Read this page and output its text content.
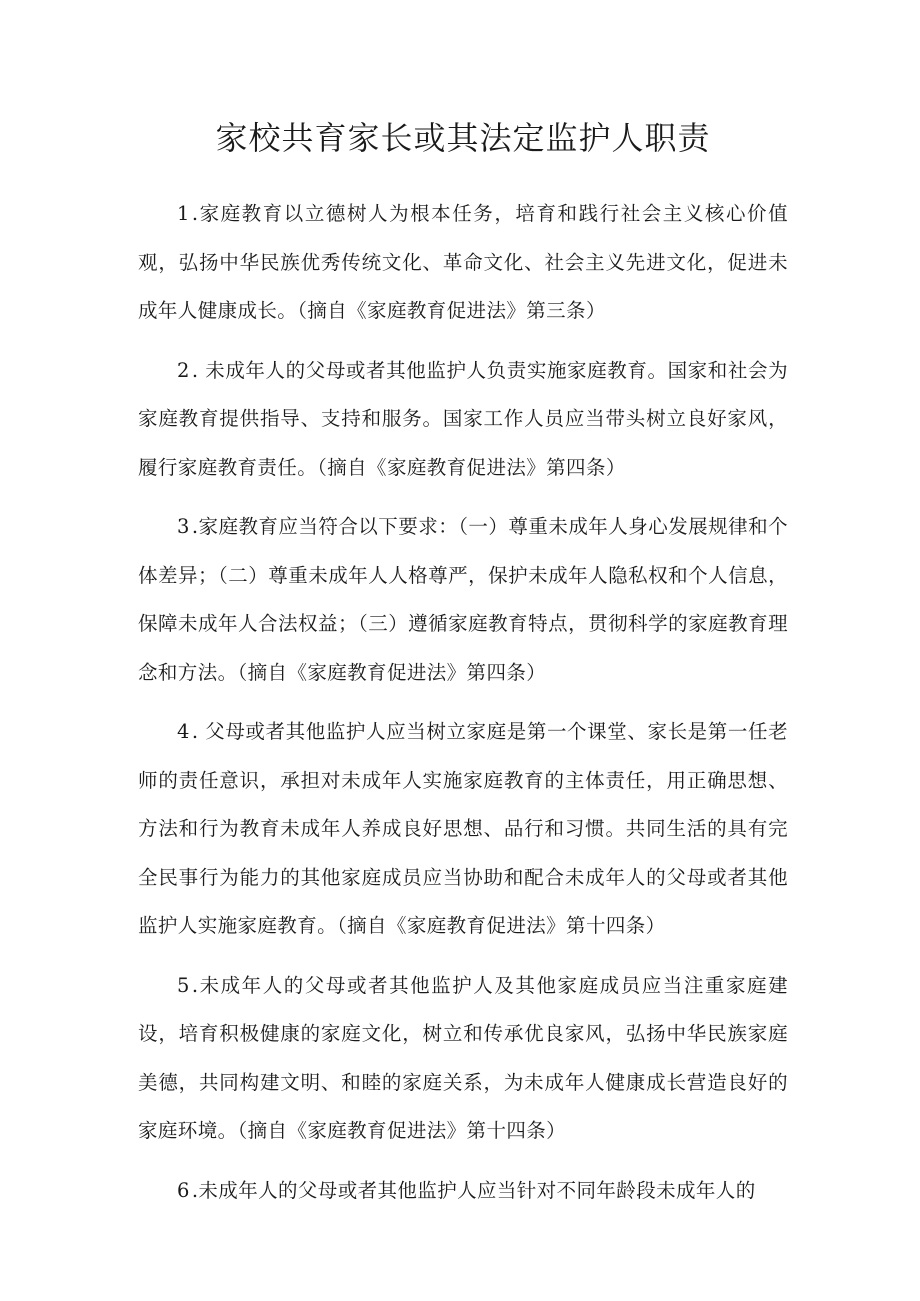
家校共育家长或其法定监护人职责

1 .家庭教育以立德树人为根本任务，培育和践行社会主义核心价值观，弘扬中华民族优秀传统文化、革命文化、社会主义先进文化，促进未成年人健康成长。（摘自《家庭教育促进法》第三条）

2 . 未成年人的父母或者其他监护人负责实施家庭教育。国家和社会为家庭教育提供指导、支持和服务。国家工作人员应当带头树立良好家风，履行家庭教育责任。（摘自《家庭教育促进法》第四条）

3 .家庭教育应当符合以下要求：（一）尊重未成年人身心发展规律和个体差异；（二）尊重未成年人人格尊严，保护未成年人隐私权和个人信息，保障未成年人合法权益；（三）遵循家庭教育特点，贯彻科学的家庭教育理念和方法。（摘自《家庭教育促进法》第四条）

4 . 父母或者其他监护人应当树立家庭是第一个课堂、家长是第一任老师的责任意识，承担对未成年人实施家庭教育的主体责任，用正确思想、方法和行为教育未成年人养成良好思想、品行和习惯。共同生活的具有完全民事行为能力的其他家庭成员应当协助和配合未成年人的父母或者其他监护人实施家庭教育。（摘自《家庭教育促进法》第十四条）

5 .未成年人的父母或者其他监护人及其他家庭成员应当注重家庭建设，培育积极健康的家庭文化，树立和传承优良家风，弘扬中华民族家庭美德，共同构建文明、和睦的家庭关系，为未成年人健康成长营造良好的家庭环境。（摘自《家庭教育促进法》第十四条）

6 .未成年人的父母或者其他监护人应当针对不同年龄段未成年人的
